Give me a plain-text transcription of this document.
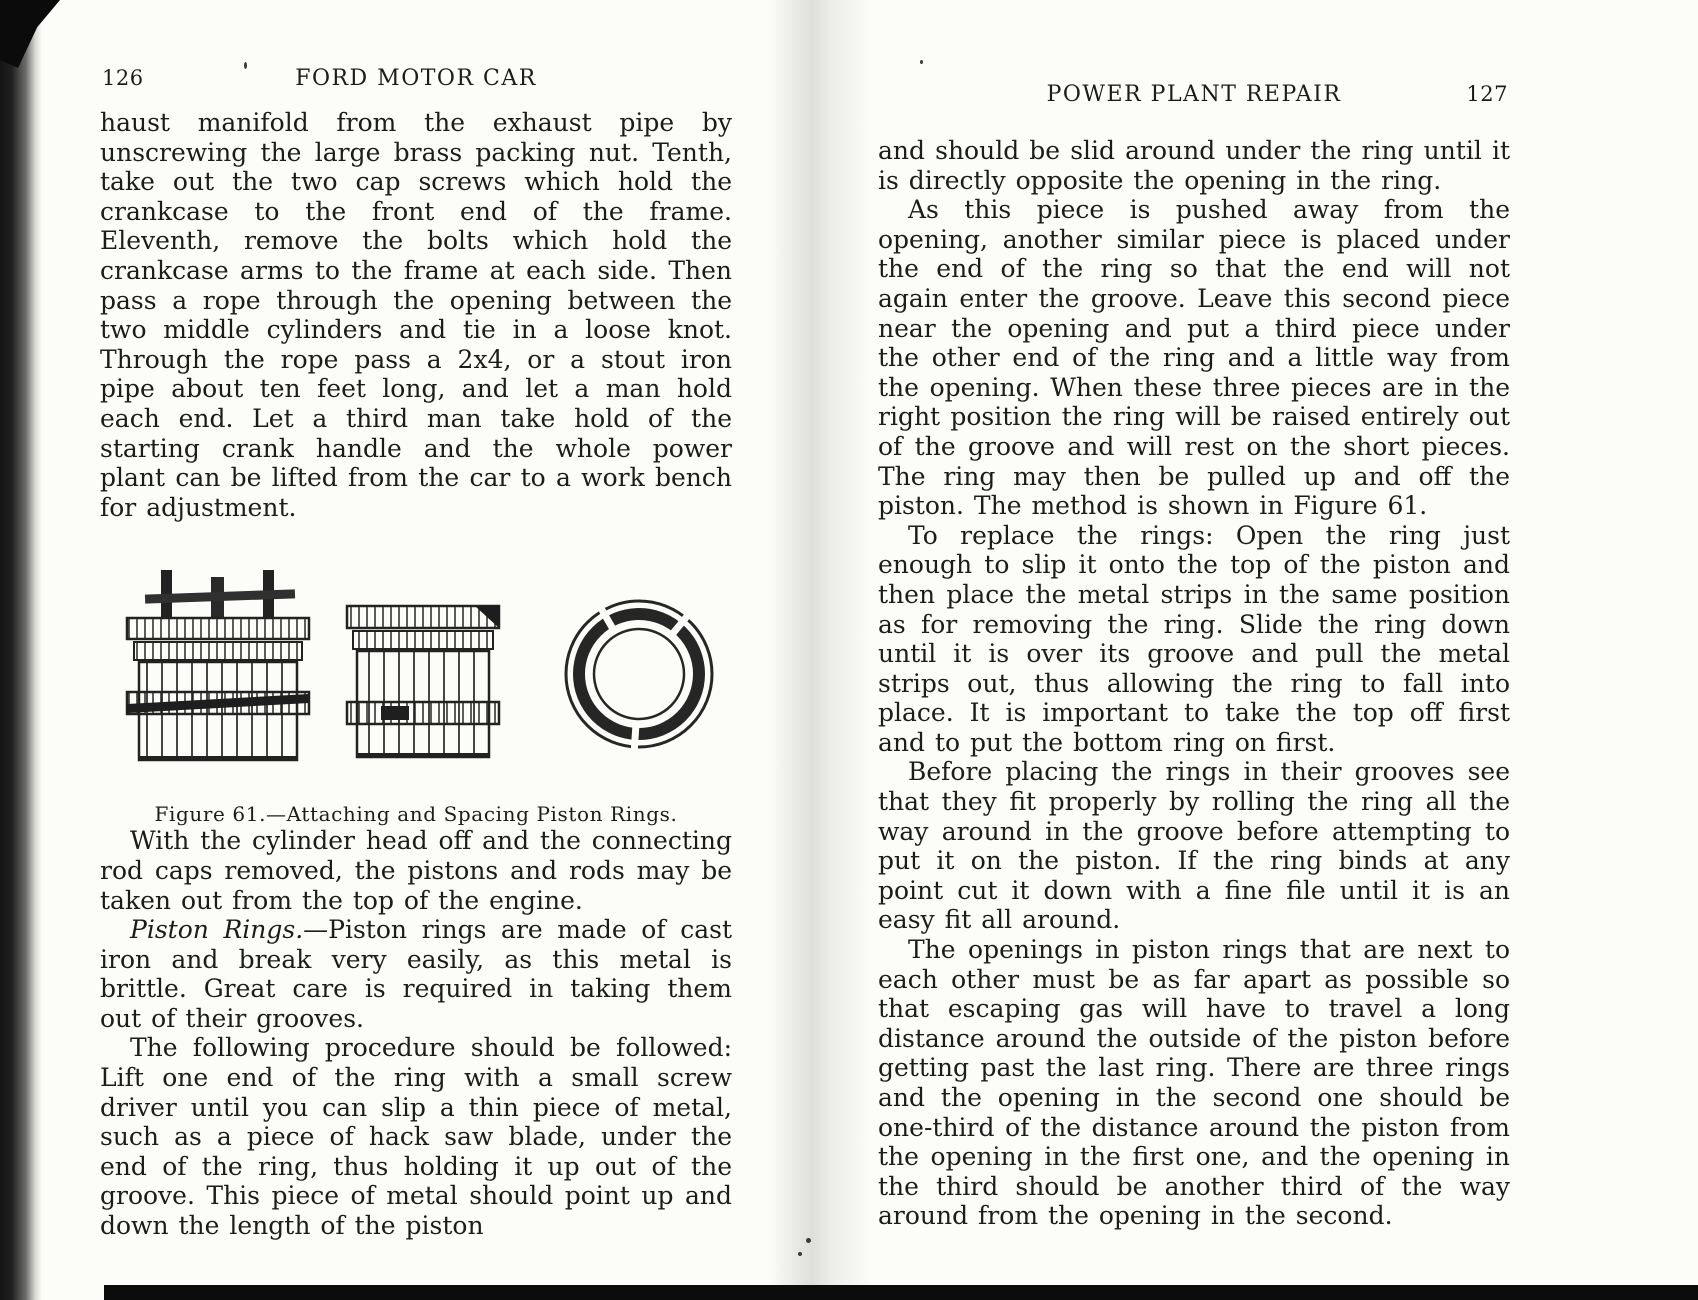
126	FORD MOTOR CAR

haust manifold from the exhaust pipe by unscrewing the large brass packing nut. Tenth, take out the two cap screws which hold the crankcase to the front end of the frame. Eleventh, remove the bolts which hold the crankcase arms to the frame at each side. Then pass a rope through the opening between the two middle cylinders and tie in a loose knot. Through the rope pass a 2x4, or a stout iron pipe about ten feet long, and let a man hold each end. Let a third man take hold of the starting crank handle and the whole power plant can be lifted from the car to a work bench for adjustment.

Figure 61.—Attaching and Spacing Piston Rings.

With the cylinder head off and the connecting rod caps removed, the pistons and rods may be taken out from the top of the engine.

Piston Rings.—Piston rings are made of cast iron and break very easily, as this metal is brittle. Great care is required in taking them out of their grooves.

The following procedure should be followed: Lift one end of the ring with a small screw driver until you can slip a thin piece of metal, such as a piece of hack saw blade, under the end of the ring, thus holding it up out of the groove. This piece of metal should point up and down the length of the piston

POWER PLANT REPAIR	127

and should be slid around under the ring until it is directly opposite the opening in the ring.

As this piece is pushed away from the opening, another similar piece is placed under the end of the ring so that the end will not again enter the groove. Leave this second piece near the opening and put a third piece under the other end of the ring and a little way from the opening. When these three pieces are in the right position the ring will be raised entirely out of the groove and will rest on the short pieces. The ring may then be pulled up and off the piston. The method is shown in Figure 61.

To replace the rings: Open the ring just enough to slip it onto the top of the piston and then place the metal strips in the same position as for removing the ring. Slide the ring down until it is over its groove and pull the metal strips out, thus allowing the ring to fall into place. It is important to take the top off first and to put the bottom ring on first.

Before placing the rings in their grooves see that they fit properly by rolling the ring all the way around in the groove before attempting to put it on the piston. If the ring binds at any point cut it down with a fine file until it is an easy fit all around.

The openings in piston rings that are next to each other must be as far apart as possible so that escaping gas will have to travel a long distance around the outside of the piston before getting past the last ring. There are three rings and the opening in the second one should be one-third of the distance around the piston from the opening in the first one, and the opening in the third should be another third of the way around from the opening in the second.
